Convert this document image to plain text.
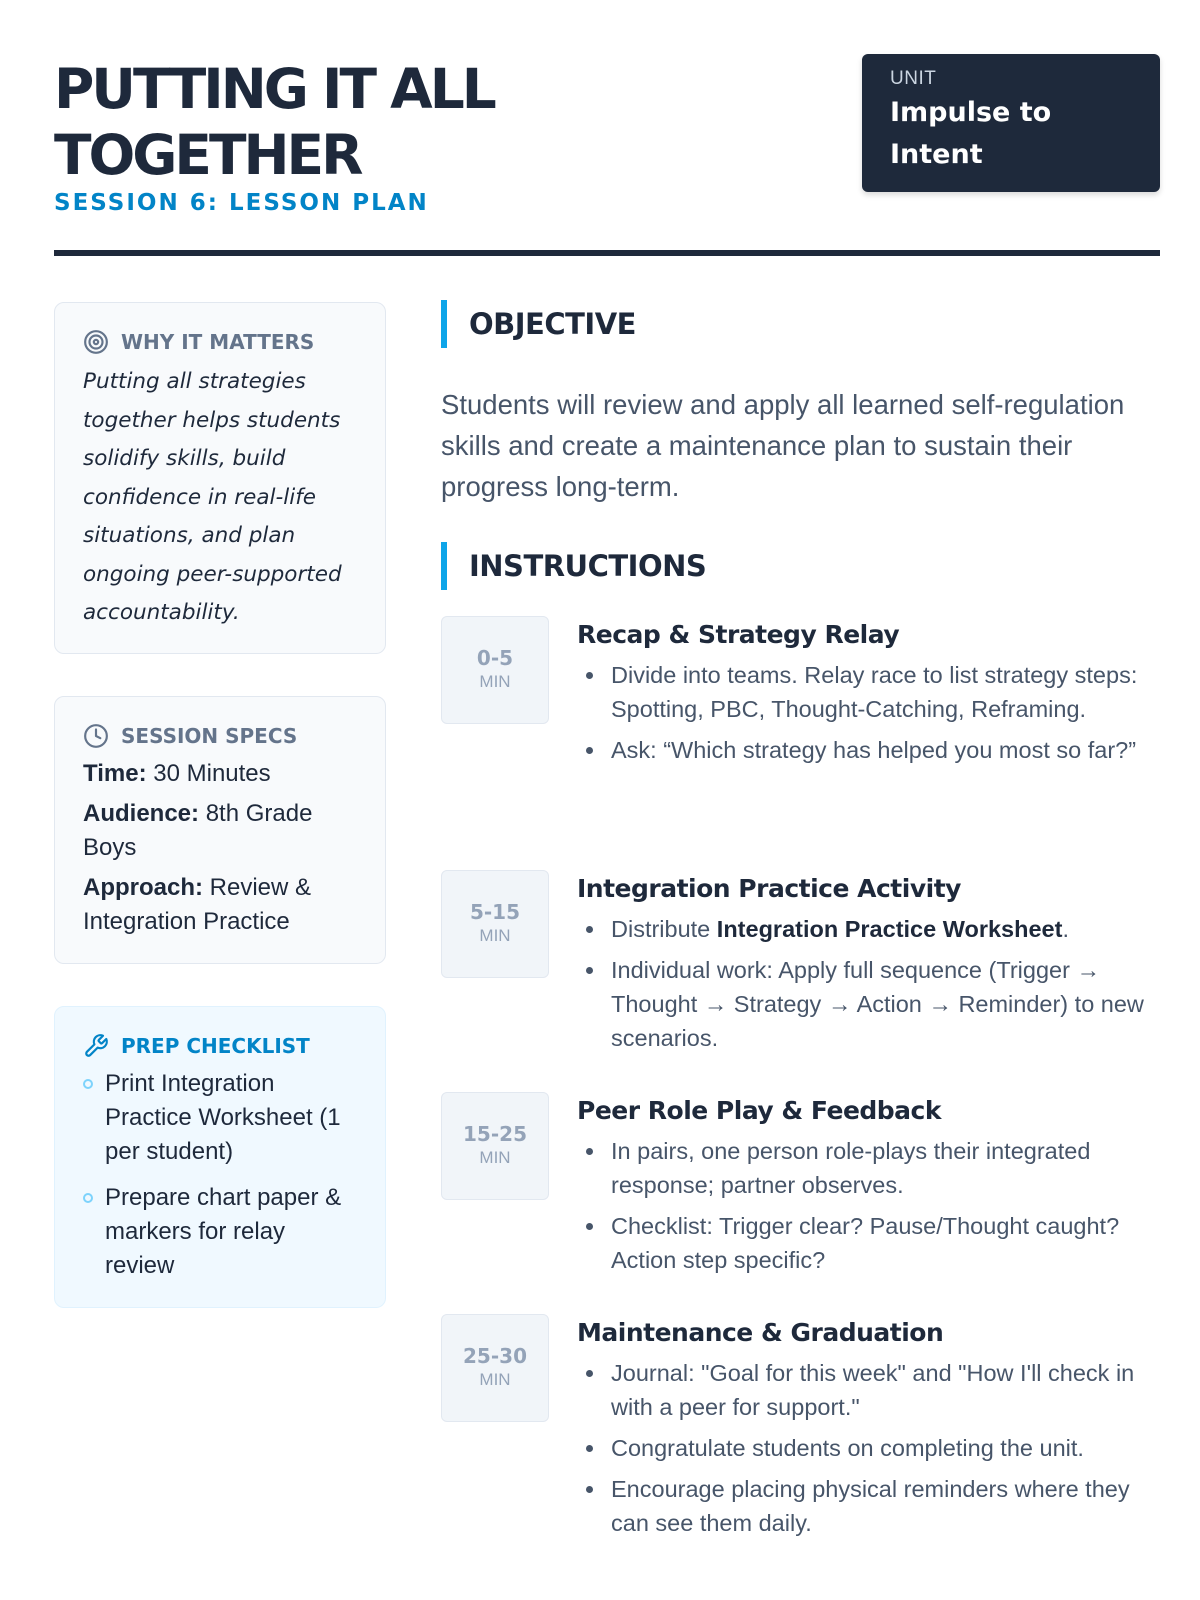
PUTTING IT ALL
TOGETHER
SESSION 6: LESSON PLAN
UNIT
Impulse to Intent
WHY IT MATTERS

Putting all strategies together helps students solidify skills, build confidence in real-life situations, and plan ongoing peer-supported accountability.

SESSION SPECS
Time: 30 Minutes
Audience: 8th Grade Boys
Approach: Review & Integration Practice
PREP CHECKLIST
Print Integration Practice Worksheet (1 per student)
Prepare chart paper & markers for relay review
OBJECTIVE

Students will review and apply all learned self-regulation skills and create a maintenance plan to sustain their progress long-term.

INSTRUCTIONS
0-5
MIN
Recap & Strategy Relay
Divide into teams. Relay race to list strategy steps: Spotting, PBC, Thought-Catching, Reframing.
Ask: “Which strategy has helped you most so far?”
5-15
MIN
Integration Practice Activity
Distribute Integration Practice Worksheet.
Individual work: Apply full sequence (Trigger → Thought → Strategy → Action → Reminder) to new scenarios.
15-25
MIN
Peer Role Play & Feedback
In pairs, one person role-plays their integrated response; partner observes.
Checklist: Trigger clear? Pause/Thought caught? Action step specific?
25-30
MIN
Maintenance & Graduation
Journal: "Goal for this week" and "How I'll check in with a peer for support."
Congratulate students on completing the unit.
Encourage placing physical reminders where they can see them daily.
